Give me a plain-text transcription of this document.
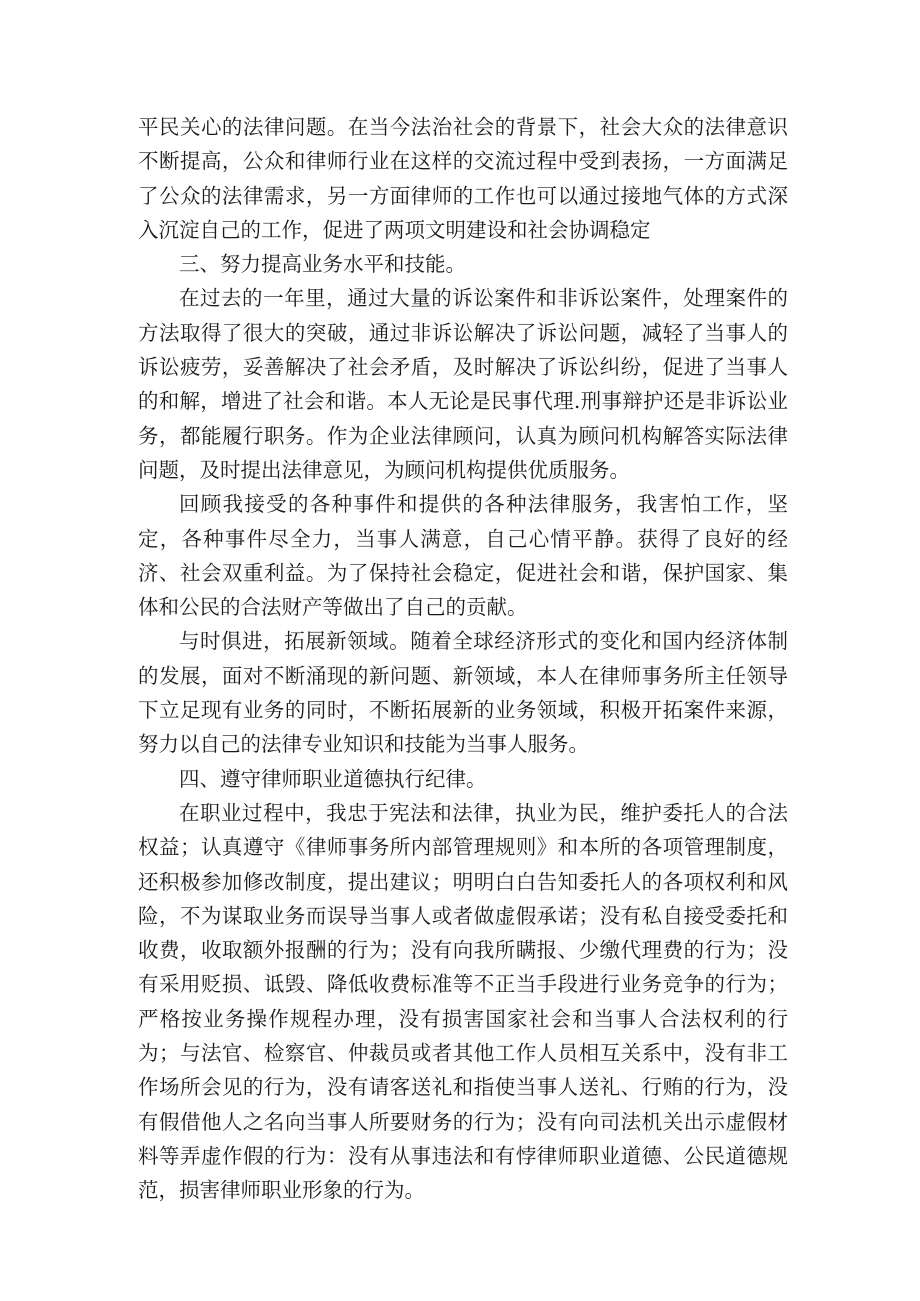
平民关心的法律问题。在当今法治社会的背景下，社会大众的法律意识不断提高，公众和律师行业在这样的交流过程中受到表扬，一方面满足了公众的法律需求，另一方面律师的工作也可以通过接地气体的方式深入沉淀自己的工作，促进了两项文明建设和社会协调稳定

三、努力提高业务水平和技能。

在过去的一年里，通过大量的诉讼案件和非诉讼案件，处理案件的方法取得了很大的突破，通过非诉讼解决了诉讼问题，减轻了当事人的诉讼疲劳，妥善解决了社会矛盾，及时解决了诉讼纠纷，促进了当事人的和解，增进了社会和谐。本人无论是民事代理.刑事辩护还是非诉讼业务，都能履行职务。作为企业法律顾问，认真为顾问机构解答实际法律问题，及时提出法律意见，为顾问机构提供优质服务。

回顾我接受的各种事件和提供的各种法律服务，我害怕工作，坚定，各种事件尽全力，当事人满意，自己心情平静。获得了良好的经济、社会双重利益。为了保持社会稳定，促进社会和谐，保护国家、集体和公民的合法财产等做出了自己的贡献。

与时俱进，拓展新领域。随着全球经济形式的变化和国内经济体制的发展，面对不断涌现的新问题、新领域，本人在律师事务所主任领导下立足现有业务的同时，不断拓展新的业务领域，积极开拓案件来源，努力以自己的法律专业知识和技能为当事人服务。

四、遵守律师职业道德执行纪律。

在职业过程中，我忠于宪法和法律，执业为民，维护委托人的合法权益；认真遵守《律师事务所内部管理规则》和本所的各项管理制度，还积极参加修改制度，提出建议；明明白白告知委托人的各项权利和风险，不为谋取业务而误导当事人或者做虚假承诺；没有私自接受委托和收费，收取额外报酬的行为；没有向我所瞒报、少缴代理费的行为；没有采用贬损、诋毁、降低收费标准等不正当手段进行业务竞争的行为；严格按业务操作规程办理，没有损害国家社会和当事人合法权利的行为；与法官、检察官、仲裁员或者其他工作人员相互关系中，没有非工作场所会见的行为，没有请客送礼和指使当事人送礼、行贿的行为，没有假借他人之名向当事人所要财务的行为；没有向司法机关出示虚假材料等弄虚作假的行为：没有从事违法和有悖律师职业道德、公民道德规范，损害律师职业形象的行为。
